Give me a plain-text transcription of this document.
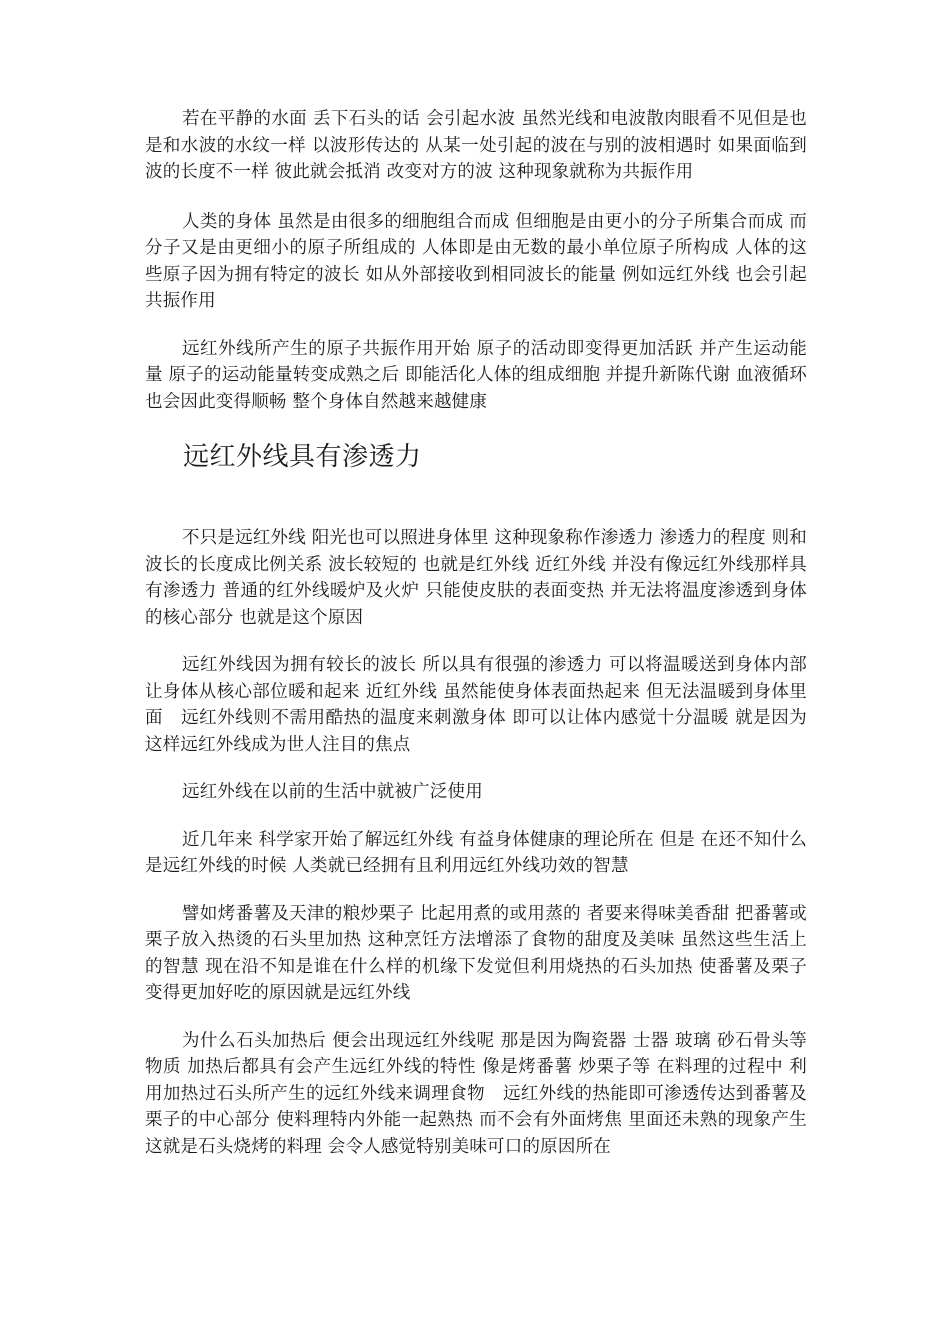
若在平静的水面 丢下石头的话 会引起水波 虽然光线和电波散肉眼看不见但是也是和水波的水纹一样 以波形传达的 从某一处引起的波在与别的波相遇时 如果面临到波的长度不一样 彼此就会抵消 改变对方的波 这种现象就称为共振作用

人类的身体 虽然是由很多的细胞组合而成 但细胞是由更小的分子所集合而成 而分子又是由更细小的原子所组成的 人体即是由无数的最小单位原子所构成 人体的这些原子因为拥有特定的波长 如从外部接收到相同波长的能量 例如远红外线 也会引起共振作用

远红外线所产生的原子共振作用开始 原子的活动即变得更加活跃 并产生运动能量 原子的运动能量转变成熟之后 即能活化人体的组成细胞 并提升新陈代谢 血液循环也会因此变得顺畅 整个身体自然越来越健康

远红外线具有渗透力

不只是远红外线 阳光也可以照进身体里 这种现象称作渗透力 渗透力的程度 则和波长的长度成比例关系 波长较短的 也就是红外线 近红外线 并没有像远红外线那样具有渗透力 普通的红外线暖炉及火炉 只能使皮肤的表面变热 并无法将温度渗透到身体的核心部分 也就是这个原因

远红外线因为拥有较长的波长 所以具有很强的渗透力 可以将温暖送到身体内部 让身体从核心部位暖和起来 近红外线 虽然能使身体表面热起来 但无法温暖到身体里面　远红外线则不需用酷热的温度来刺激身体 即可以让体内感觉十分温暖 就是因为这样远红外线成为世人注目的焦点

远红外线在以前的生活中就被广泛使用

近几年来 科学家开始了解远红外线 有益身体健康的理论所在 但是 在还不知什么是远红外线的时候 人类就已经拥有且利用远红外线功效的智慧

譬如烤番薯及天津的粮炒栗子 比起用煮的或用蒸的 者要来得味美香甜 把番薯或栗子放入热烫的石头里加热 这种烹饪方法增添了食物的甜度及美味 虽然这些生活上的智慧 现在沿不知是谁在什么样的机缘下发觉但利用烧热的石头加热 使番薯及栗子变得更加好吃的原因就是远红外线

为什么石头加热后 便会出现远红外线呢 那是因为陶瓷器 士器 玻璃 砂石骨头等物质 加热后都具有会产生远红外线的特性 像是烤番薯 炒栗子等 在料理的过程中 利用加热过石头所产生的远红外线来调理食物　远红外线的热能即可渗透传达到番薯及栗子的中心部分 使料理特内外能一起熟热 而不会有外面烤焦 里面还未熟的现象产生 这就是石头烧烤的料理 会令人感觉特别美味可口的原因所在
